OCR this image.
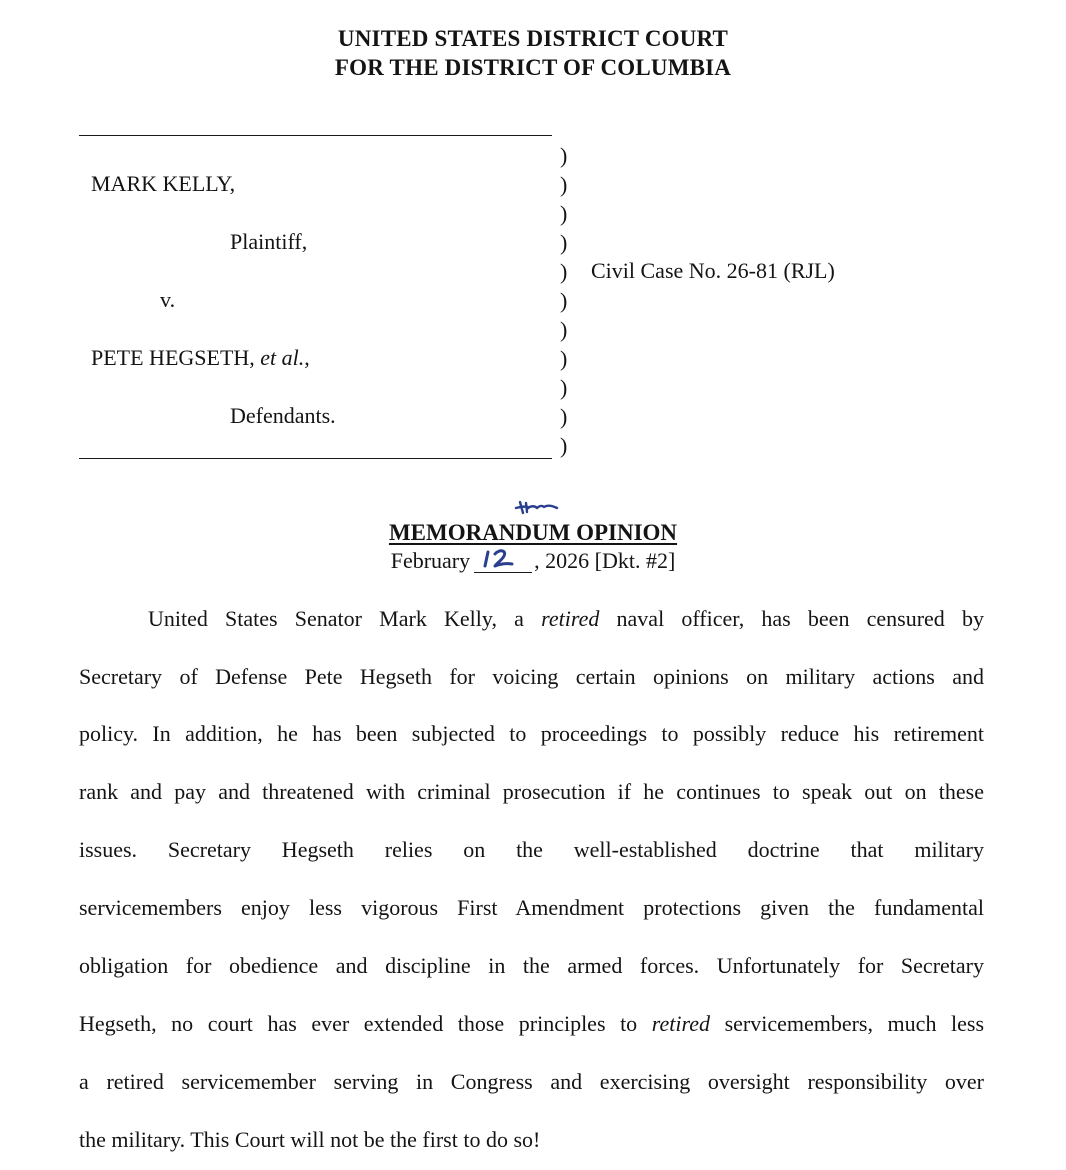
UNITED STATES DISTRICT COURT
FOR THE DISTRICT OF COLUMBIA
MARK KELLY,
Plaintiff,
v.
PETE HEGSETH, et al.,
Defendants.
)
)
)
)
)
)
)
)
)
)
)
Civil Case No. 26-81 (RJL)
MEMORANDUM OPINION
February	, 2026 [Dkt. #2]
United States Senator Mark Kelly, a retired naval officer, has been censured by
Secretary of Defense Pete Hegseth for voicing certain opinions on military actions and
policy. In addition, he has been subjected to proceedings to possibly reduce his retirement
rank and pay and threatened with criminal prosecution if he continues to speak out on these
issues. Secretary Hegseth relies on the well-established doctrine that military
servicemembers enjoy less vigorous First Amendment protections given the fundamental
obligation for obedience and discipline in the armed forces. Unfortunately for Secretary
Hegseth, no court has ever extended those principles to retired servicemembers, much less
a retired servicemember serving in Congress and exercising oversight responsibility over
the military. This Court will not be the first to do so!
